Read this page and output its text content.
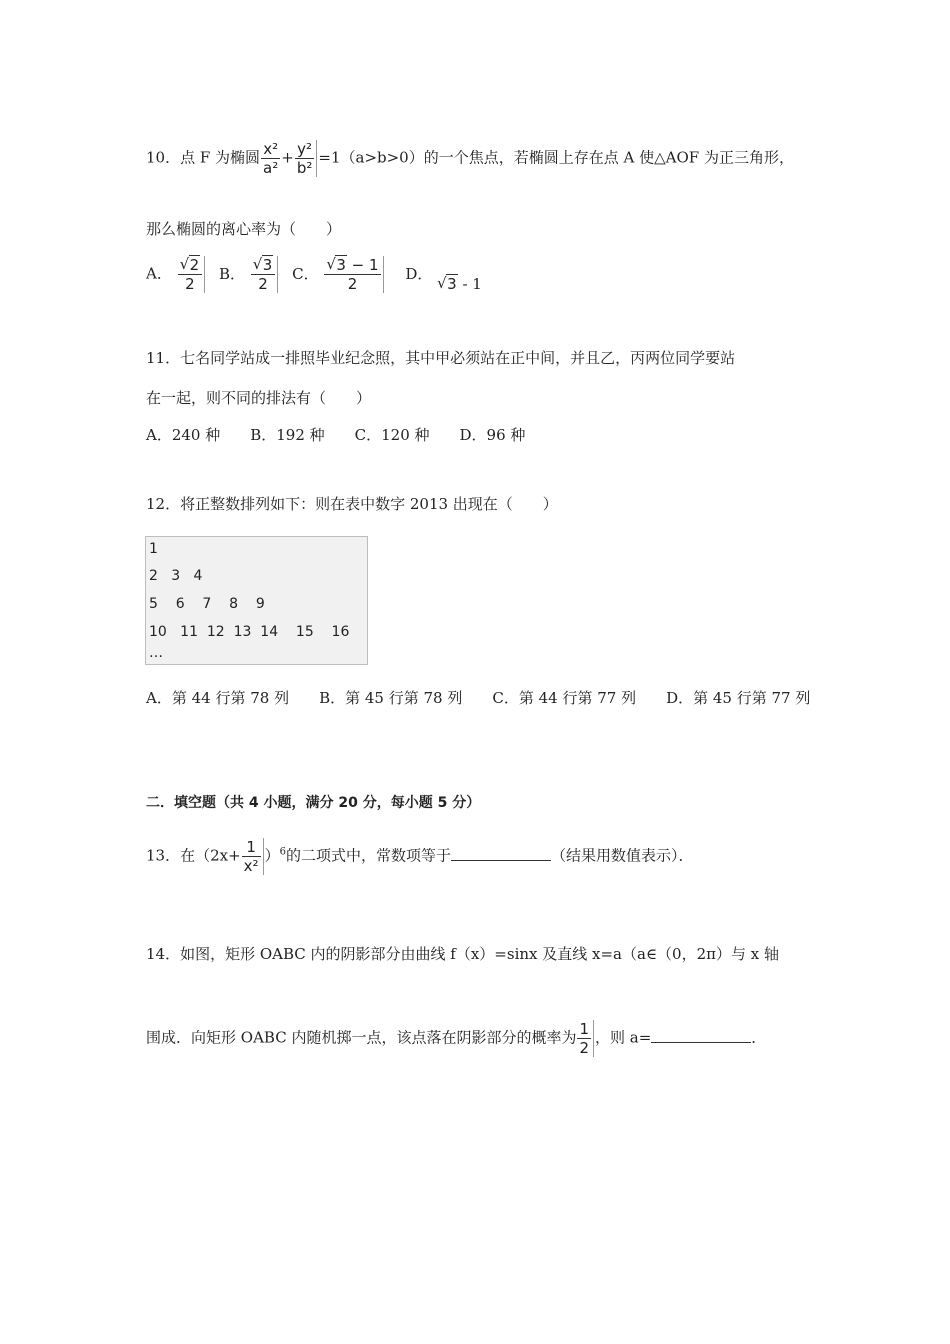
10．点 F 为椭圆 $\frac{\text{x²}}{\text{a²}} + \frac{\text{y²}}{\text{b²}} =1(a>b>0)$的一个焦点，若椭圆上存在点 A 使△AOF 为正三角形，
那么椭圆的离心率为（　　）
A． $\frac{√ 2}{2}$ B． $\frac{√ 3}{2}$ C． $\frac{√ 3 - 1}{2}$ D． √ 3 - 1
11．七名同学站成一排照毕业纪念照，其中甲必须站在正中间，并且乙，丙两位同学要站
在一起，则不同的排法有（　　）
A．240 种　　B．192 种　　C．120 种　　D．96 种
12．将正整数排列如下：则在表中数字 2013 出现在（　　）
1
2   3   4
5    6    7    8    9
10   11  12  13  14    15    16
…
A．第 44 行第 78 列　　B．第 45 行第 78 列　　C．第 44 行第 77 列　　D．第 45 行第 77 列
二．填空题（共 4 小题，满分 20 分，每小题 5 分）
13．在$(2x+ \frac{1}{\text{x²}} )^6$的二项式中，常数项等于	（结果用数值表示）．
14．如图，矩形 OABC 内的阴影部分由曲线 f（x）=sinx 及直线 x=a（a∈（0，2π）与 x 轴
围成．向矩形 OABC 内随机掷一点，该点落在阴影部分的概率为 $\frac{1}{2}$ ，则 a=	．
